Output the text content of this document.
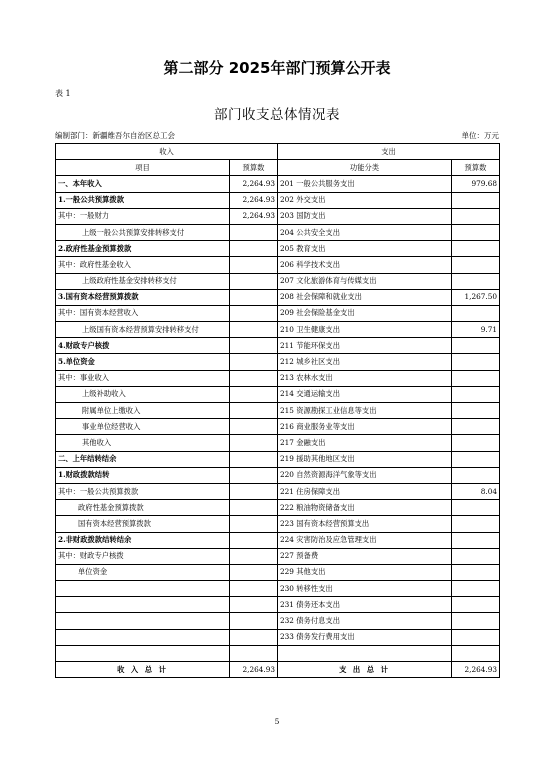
第二部分 2025年部门预算公开表
表 1
部门收支总体情况表
编制部门：新疆维吾尔自治区总工会	单位：万元
收入		支出	
项目	预算数	功能分类	预算数
一、本年收入	2,264.93	201 一般公共服务支出	979.68
1.一般公共预算拨款	2,264.93	202 外交支出	
其中：一般财力	2,264.93	203 国防支出	
上级一般公共预算安排转移支付		204 公共安全支出	
2.政府性基金预算拨款		205 教育支出	
其中：政府性基金收入		206 科学技术支出	
上级政府性基金安排转移支付		207 文化旅游体育与传媒支出	
3.国有资本经营预算拨款		208 社会保障和就业支出	1,267.50
其中：国有资本经营收入		209 社会保险基金支出	
上级国有资本经营预算安排转移支付		210 卫生健康支出	9.71
4.财政专户核拨		211 节能环保支出	
5.单位资金		212 城乡社区支出	
其中：事业收入		213 农林水支出	
上级补助收入		214 交通运输支出	
附属单位上缴收入		215 资源勘探工业信息等支出	
事业单位经营收入		216 商业服务业等支出	
其他收入		217 金融支出	
二、上年结转结余		219 援助其他地区支出	
1.财政拨款结转		220 自然资源海洋气象等支出	
其中：一般公共预算拨款		221 住房保障支出	8.04
政府性基金预算拨款		222 粮油物资储备支出	
国有资本经营预算拨款		223 国有资本经营预算支出	
2.非财政拨款结转结余		224 灾害防治及应急管理支出	
其中：财政专户核拨		227 预备费	
单位资金		229 其他支出	
		230 转移性支出	
		231 债务还本支出	
		232 债务付息支出	
		233 债务发行费用支出	

收 入 总 计	2,264.93	支 出 总 计	2,264.93
5
